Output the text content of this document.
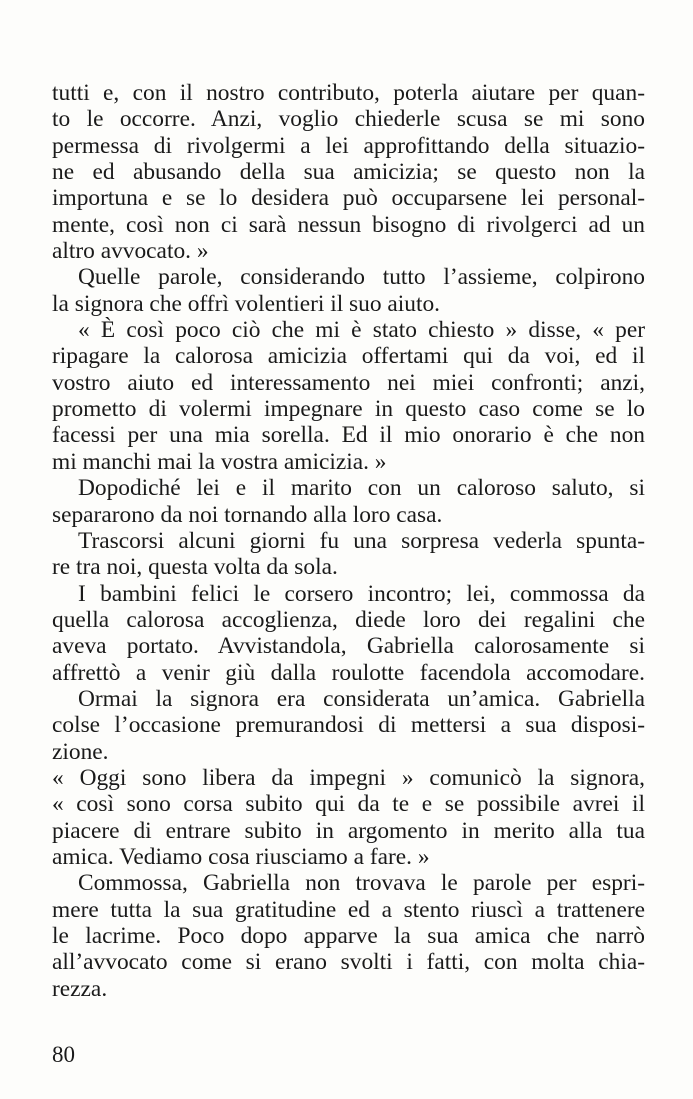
tutti e, con il nostro contributo, poterla aiutare per quan-
to le occorre. Anzi, voglio chiederle scusa se mi sono
permessa di rivolgermi a lei approfittando della situazio-
ne ed abusando della sua amicizia; se questo non la
importuna e se lo desidera può occuparsene lei personal-
mente, così non ci sarà nessun bisogno di rivolgerci ad un
altro avvocato. »
Quelle parole, considerando tutto l’assieme, colpirono
la signora che offrì volentieri il suo aiuto.
« È così poco ciò che mi è stato chiesto » disse, « per
ripagare la calorosa amicizia offertami qui da voi, ed il
vostro aiuto ed interessamento nei miei confronti; anzi,
prometto di volermi impegnare in questo caso come se lo
facessi per una mia sorella. Ed il mio onorario è che non
mi manchi mai la vostra amicizia. »
Dopodiché lei e il marito con un caloroso saluto, si
separarono da noi tornando alla loro casa.
Trascorsi alcuni giorni fu una sorpresa vederla spunta-
re tra noi, questa volta da sola.
I bambini felici le corsero incontro; lei, commossa da
quella calorosa accoglienza, diede loro dei regalini che
aveva portato. Avvistandola, Gabriella calorosamente si
affrettò a venir giù dalla roulotte facendola accomodare.
Ormai la signora era considerata un’amica. Gabriella
colse l’occasione premurandosi di mettersi a sua disposi-
zione.
« Oggi sono libera da impegni » comunicò la signora,
« così sono corsa subito qui da te e se possibile avrei il
piacere di entrare subito in argomento in merito alla tua
amica. Vediamo cosa riusciamo a fare. »
Commossa, Gabriella non trovava le parole per espri-
mere tutta la sua gratitudine ed a stento riuscì a trattenere
le lacrime. Poco dopo apparve la sua amica che narrò
all’avvocato come si erano svolti i fatti, con molta chia-
rezza.
80
